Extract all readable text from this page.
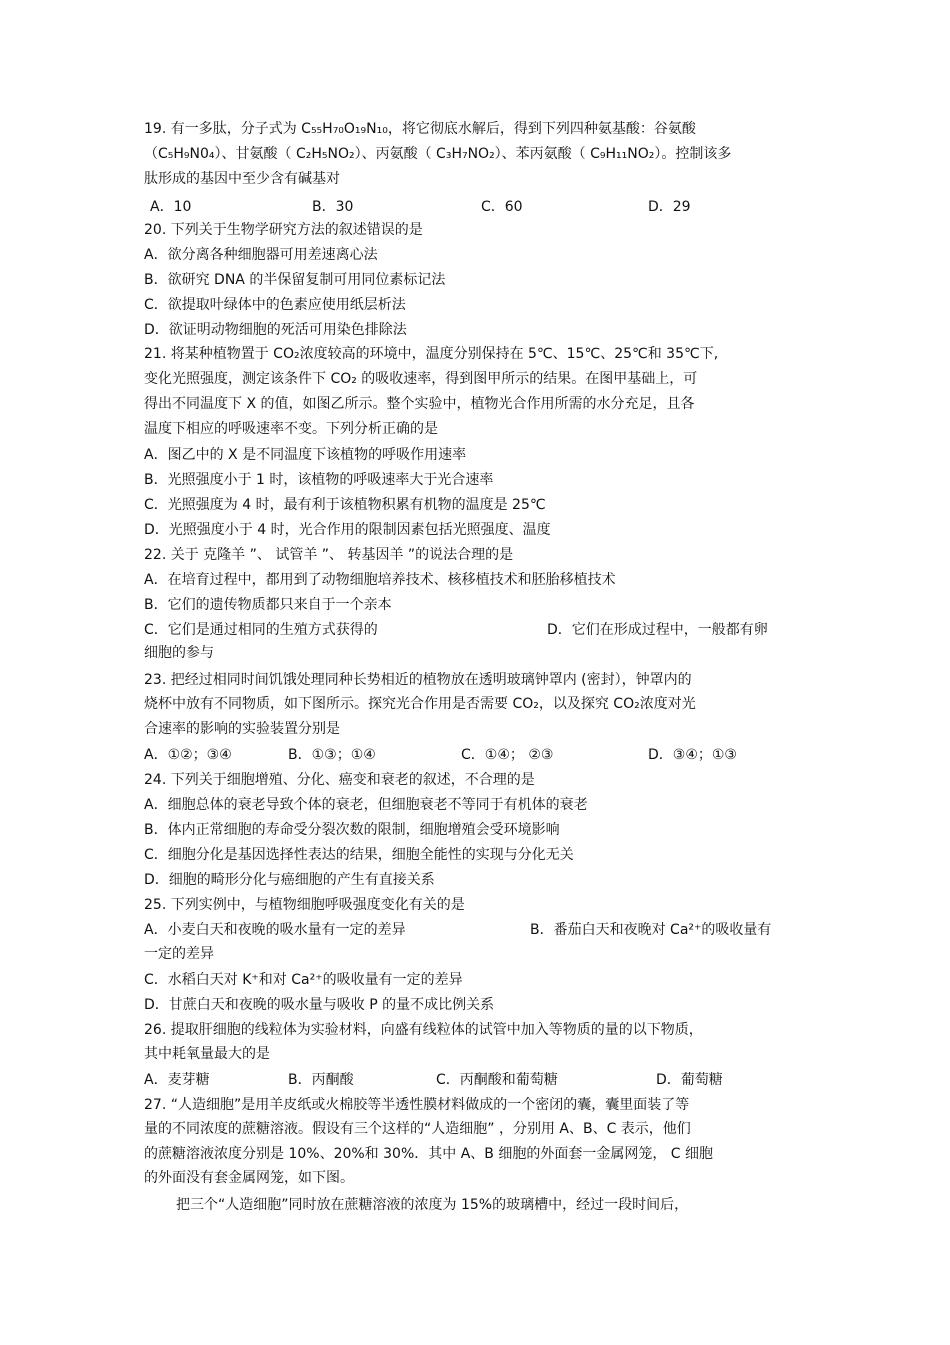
19. 有一多肽，分子式为 C₅₅H₇₀O₁₉N₁₀，将它彻底水解后，得到下列四种氨基酸：谷氨酸
（C₅H₉N0₄）、甘氨酸（ C₂H₅NO₂）、丙氨酸（ C₃H₇NO₂）、苯丙氨酸（ C₉H₁₁NO₂）。控制该多
肽形成的基因中至少含有碱基对
A．10	B．30	C．60	D．29
20. 下列关于生物学研究方法的叙述错误的是
A．欲分离各种细胞器可用差速离心法
B．欲研究 DNA 的半保留复制可用同位素标记法
C．欲提取叶绿体中的色素应使用纸层析法
D．欲证明动物细胞的死活可用染色排除法
21. 将某种植物置于 CO₂浓度较高的环境中，温度分别保持在 5℃、15℃、25℃和 35℃下,
变化光照强度，测定该条件下 CO₂ 的吸收速率，得到图甲所示的结果。在图甲基础上，可
得出不同温度下 X 的值，如图乙所示。整个实验中，植物光合作用所需的水分充足，且各
温度下相应的呼吸速率不变。下列分析正确的是
A．图乙中的 X 是不同温度下该植物的呼吸作用速率
B．光照强度小于 1 时，该植物的呼吸速率大于光合速率
C．光照强度为 4 时，最有利于该植物积累有机物的温度是 25℃
D．光照强度小于 4 时，光合作用的限制因素包括光照强度、温度
22. 关于 克隆羊 ”、 试管羊 ”、 转基因羊 ”的说法合理的是
A．在培育过程中，都用到了动物细胞培养技术、核移植技术和胚胎移植技术
B．它们的遗传物质都只来自于一个亲本
C．它们是通过相同的生殖方式获得的	D．它们在形成过程中，一般都有卵
细胞的参与
23. 把经过相同时间饥饿处理同种长势相近的植物放在透明玻璃钟罩内 (密封），钟罩内的
烧杯中放有不同物质，如下图所示。探究光合作用是否需要 CO₂，以及探究 CO₂浓度对光
合速率的影响的实验装置分别是
A．①②；③④	B．①③；①④	C．①④； ②③	D．③④；①③
24. 下列关于细胞增殖、分化、癌变和衰老的叙述，不合理的是
A．细胞总体的衰老导致个体的衰老，但细胞衰老不等同于有机体的衰老
B．体内正常细胞的寿命受分裂次数的限制，细胞增殖会受环境影响
C．细胞分化是基因选择性表达的结果，细胞全能性的实现与分化无关
D．细胞的畸形分化与癌细胞的产生有直接关系
25. 下列实例中，与植物细胞呼吸强度变化有关的是
A．小麦白天和夜晚的吸水量有一定的差异	B．番茄白天和夜晚对 Ca²⁺的吸收量有
一定的差异
C．水稻白天对 K⁺和对 Ca²⁺的吸收量有一定的差异
D．甘蔗白天和夜晚的吸水量与吸收 P 的量不成比例关系
26. 提取肝细胞的线粒体为实验材料，向盛有线粒体的试管中加入等物质的量的以下物质，
其中耗氧量最大的是
A．麦芽糖	B．丙酮酸	C．丙酮酸和葡萄糖	D．葡萄糖
27. “人造细胞”是用羊皮纸或火棉胶等半透性膜材料做成的一个密闭的囊，囊里面装了等
量的不同浓度的蔗糖溶液。假设有三个这样的“人造细胞” ，分别用 A、B、C 表示，他们
的蔗糖溶液浓度分别是 10%、20%和 30%．其中 A、B 细胞的外面套一金属网笼， C 细胞
的外面没有套金属网笼，如下图。
把三个“人造细胞”同时放在蔗糖溶液的浓度为 15%的玻璃槽中，经过一段时间后，
